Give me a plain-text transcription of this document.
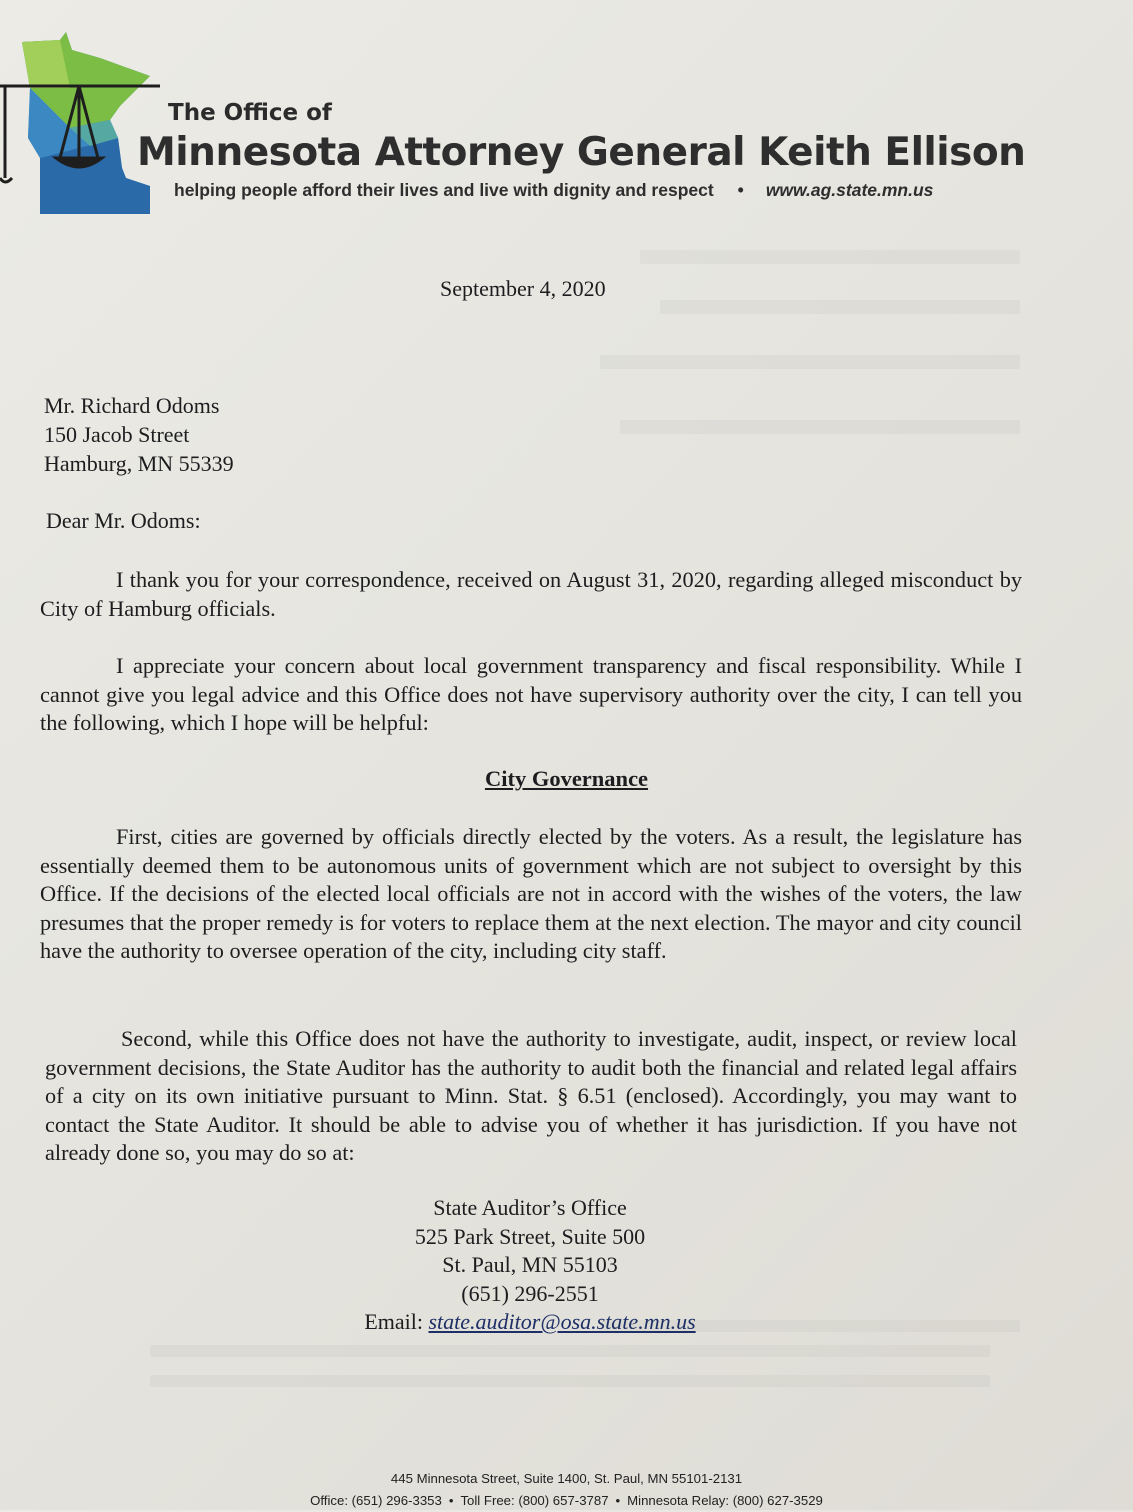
The Office of
Minnesota Attorney General Keith Ellison
helping people afford their lives and live with dignity and respect • www.ag.state.mn.us
September 4, 2020
Mr. Richard Odoms
150 Jacob Street
Hamburg, MN 55339
Dear Mr. Odoms:
I thank you for your correspondence, received on August 31, 2020, regarding alleged misconduct by City of Hamburg officials.
I appreciate your concern about local government transparency and fiscal responsibility. While I cannot give you legal advice and this Office does not have supervisory authority over the city, I can tell you the following, which I hope will be helpful:
City Governance
First, cities are governed by officials directly elected by the voters. As a result, the legislature has essentially deemed them to be autonomous units of government which are not subject to oversight by this Office. If the decisions of the elected local officials are not in accord with the wishes of the voters, the law presumes that the proper remedy is for voters to replace them at the next election. The mayor and city council have the authority to oversee operation of the city, including city staff.
Second, while this Office does not have the authority to investigate, audit, inspect, or review local government decisions, the State Auditor has the authority to audit both the financial and related legal affairs of a city on its own initiative pursuant to Minn. Stat. § 6.51 (enclosed). Accordingly, you may want to contact the State Auditor. It should be able to advise you of whether it has jurisdiction. If you have not already done so, you may do so at:
State Auditor’s Office
525 Park Street, Suite 500
St. Paul, MN 55103
(651) 296-2551
Email: state.auditor@osa.state.mn.us
445 Minnesota Street, Suite 1400, St. Paul, MN 55101-2131
Office: (651) 296-3353 • Toll Free: (800) 657-3787 • Minnesota Relay: (800) 627-3529
